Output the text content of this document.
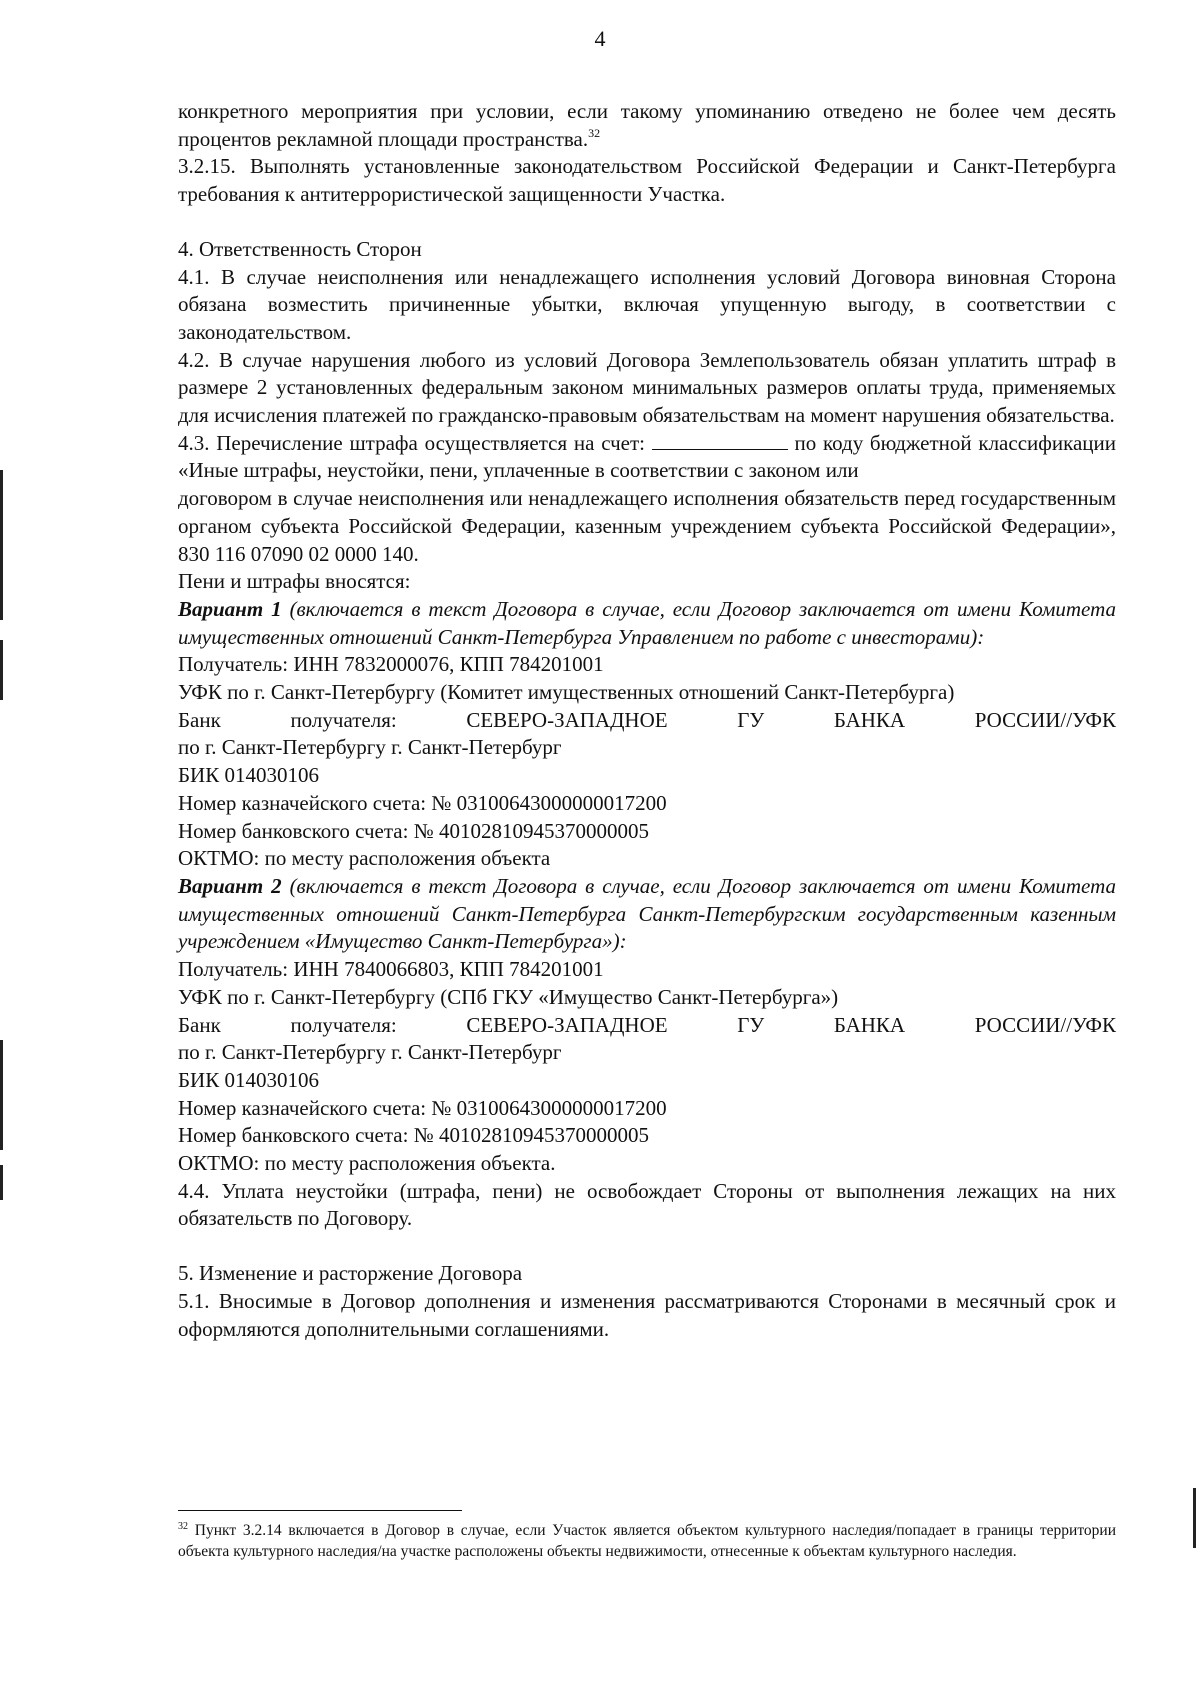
4

конкретного мероприятия при условии, если такому упоминанию отведено не более чем десять процентов рекламной площади пространства.$^{32}$

3.2.15. Выполнять установленные законодательством Российской Федерации и Санкт-Петербурга требования к антитеррористической защищенности Участка.

4. Ответственность Сторон

4.1. В случае неисполнения или ненадлежащего исполнения условий Договора виновная Сторона обязана возместить причиненные убытки, включая упущенную выгоду, в соответствии с законодательством.

4.2. В случае нарушения любого из условий Договора Землепользователь обязан уплатить штраф в размере 2 установленных федеральным законом минимальных размеров оплаты труда, применяемых для исчисления платежей по гражданско-правовым обязательствам на момент нарушения обязательства.

4.3. Перечисление штрафа осуществляется на счет:	по коду бюджетной классификации «Иные штрафы, неустойки, пени, уплаченные в соответствии с законом или

договором в случае неисполнения или ненадлежащего исполнения обязательств перед государственным органом субъекта Российской Федерации, казенным учреждением субъекта Российской Федерации», 830 116 07090 02 0000 140.

Пени и штрафы вносятся:

Вариант 1 (включается в текст Договора в случае, если Договор заключается от имени Комитета имущественных отношений Санкт-Петербурга Управлением по работе с инвесторами):

Получатель: ИНН 7832000076, КПП 784201001

УФК по г. Санкт-Петербургу (Комитет имущественных отношений Санкт-Петербурга)

Банк	получателя:	СЕВЕРО-ЗАПАДНОЕ	ГУ	БАНКА	РОССИИ//УФК

по г. Санкт-Петербургу г. Санкт-Петербург

БИК 014030106

Номер казначейского счета: № 03100643000000017200

Номер банковского счета: № 40102810945370000005

ОКТМО: по месту расположения объекта

Вариант 2 (включается в текст Договора в случае, если Договор заключается от имени Комитета имущественных отношений Санкт-Петербурга Санкт-Петербургским государственным казенным учреждением «Имущество Санкт-Петербурга»):

Получатель: ИНН 7840066803, КПП 784201001

УФК по г. Санкт-Петербургу (СПб ГКУ «Имущество Санкт-Петербурга»)

Банк	получателя:	СЕВЕРО-ЗАПАДНОЕ	ГУ	БАНКА	РОССИИ//УФК

по г. Санкт-Петербургу г. Санкт-Петербург

БИК 014030106

Номер казначейского счета: № 03100643000000017200

Номер банковского счета: № 40102810945370000005

ОКТМО: по месту расположения объекта.

4.4. Уплата неустойки (штрафа, пени) не освобождает Стороны от выполнения лежащих на них обязательств по Договору.

5. Изменение и расторжение Договора

5.1. Вносимые в Договор дополнения и изменения рассматриваются Сторонами в месячный срок и оформляются дополнительными соглашениями.

$^{32}$ Пункт 3.2.14 включается в Договор в случае, если Участок является объектом культурного наследия/попадает в границы территории объекта культурного наследия/на участке расположены объекты недвижимости, отнесенные к объектам культурного наследия.
